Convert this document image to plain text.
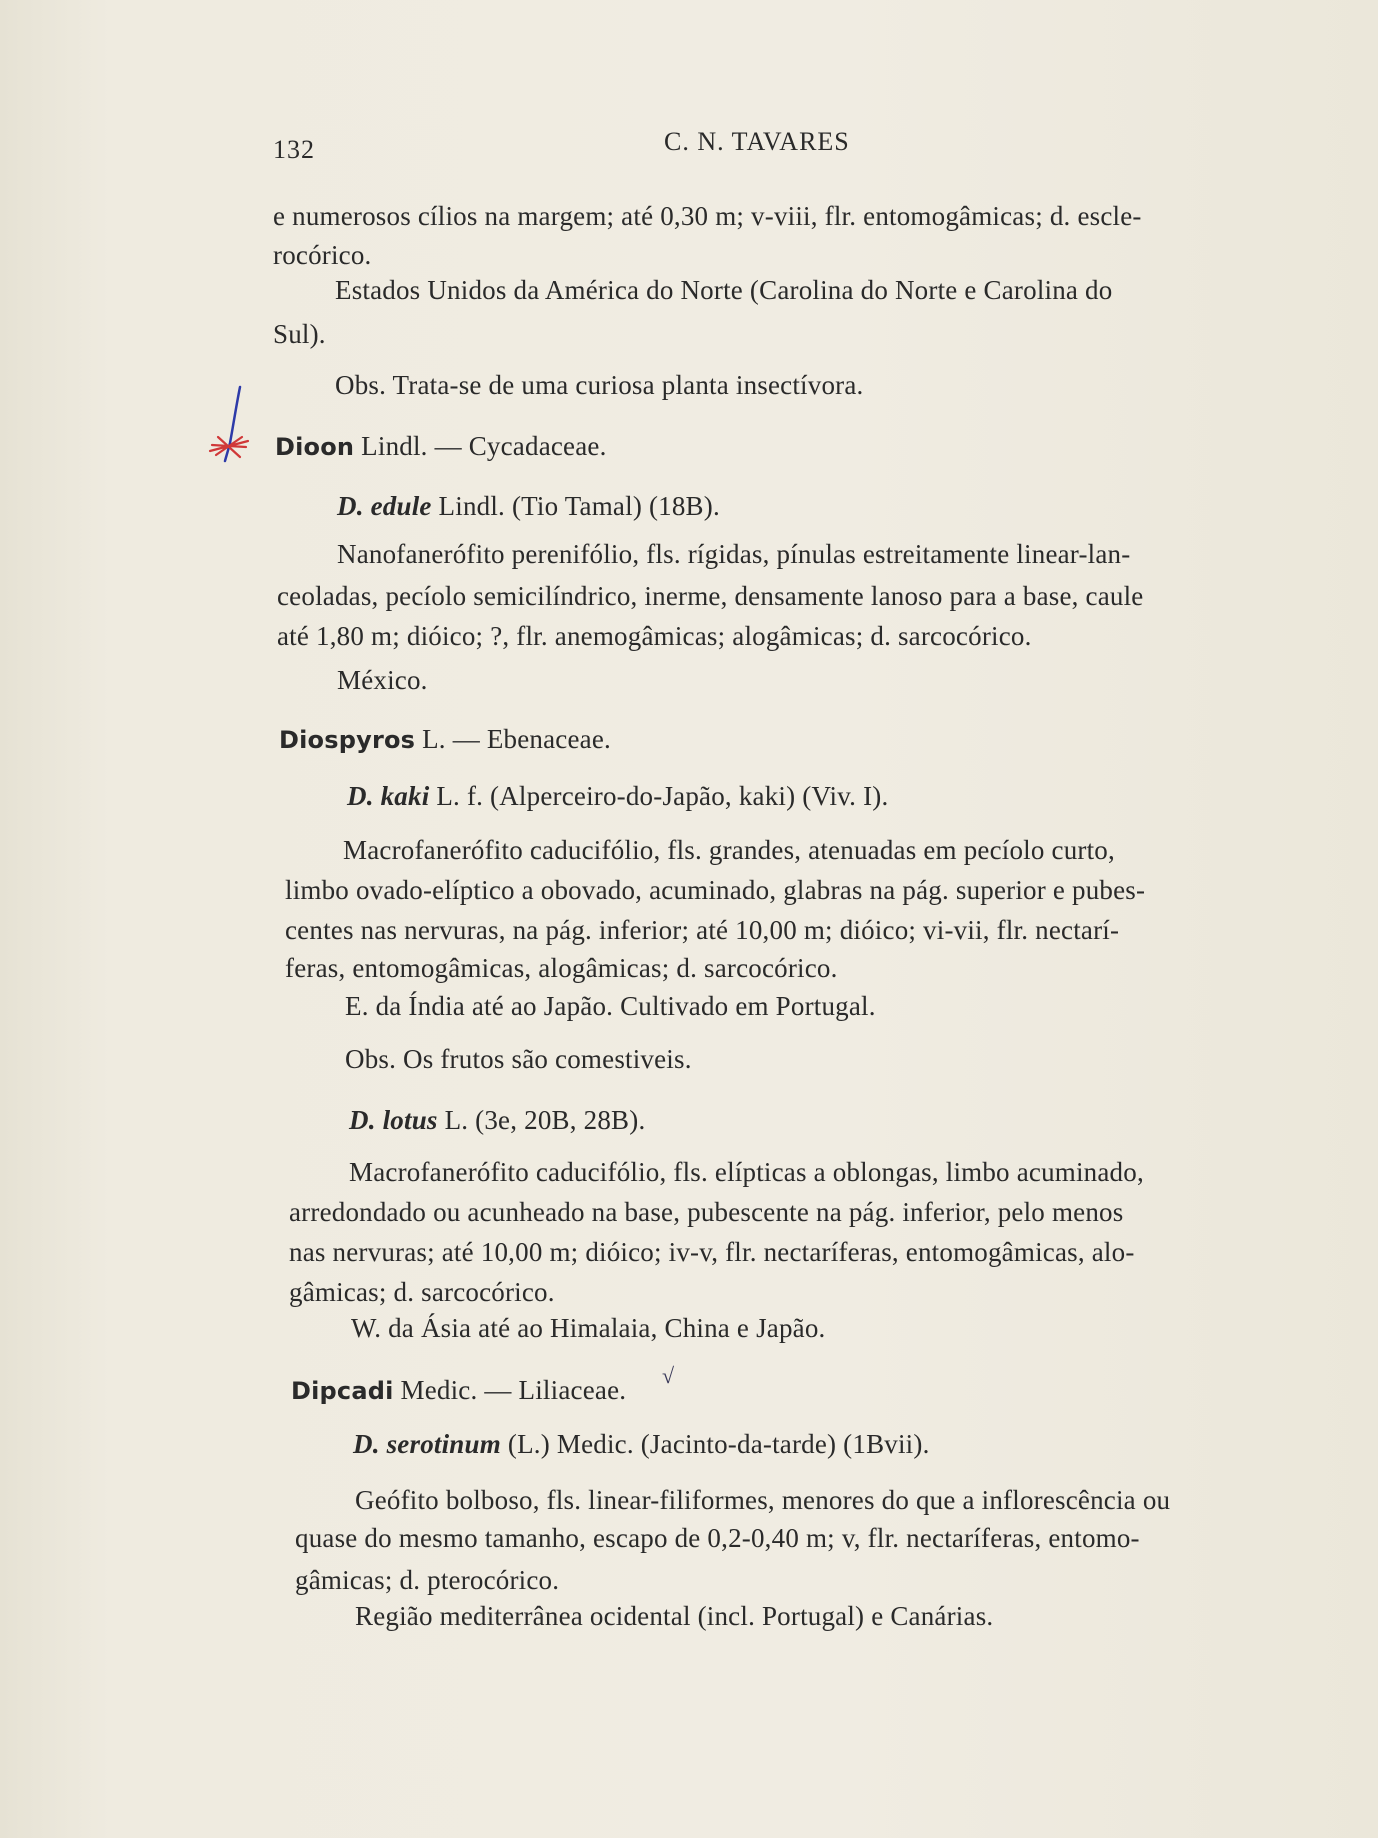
132	C. N. TAVARES
e numerosos cílios na margem; até 0,30 m; v-viii, flr. entomogâmicas; d. escle-
rocórico.
Estados Unidos da América do Norte (Carolina do Norte e Carolina do
Sul).
Obs. Trata-se de uma curiosa planta insectívora.
Dioon Lindl. — Cycadaceae.
D. edule Lindl. (Tio Tamal) (18B).
Nanofanerófito perenifólio, fls. rígidas, pínulas estreitamente linear-lan-
ceoladas, pecíolo semicilíndrico, inerme, densamente lanoso para a base, caule
até 1,80 m; dióico; ?, flr. anemogâmicas; alogâmicas; d. sarcocórico.
México.
Diospyros L. — Ebenaceae.
D. kaki L. f. (Alperceiro-do-Japão, kaki) (Viv. I).
Macrofanerófito caducifólio, fls. grandes, atenuadas em pecíolo curto,
limbo ovado-elíptico a obovado, acuminado, glabras na pág. superior e pubes-
centes nas nervuras, na pág. inferior; até 10,00 m; dióico; vi-vii, flr. nectarí-
feras, entomogâmicas, alogâmicas; d. sarcocórico.
E. da Índia até ao Japão. Cultivado em Portugal.
Obs. Os frutos são comestiveis.
D. lotus L. (3e, 20B, 28B).
Macrofanerófito caducifólio, fls. elípticas a oblongas, limbo acuminado,
arredondado ou acunheado na base, pubescente na pág. inferior, pelo menos
nas nervuras; até 10,00 m; dióico; iv-v, flr. nectaríferas, entomogâmicas, alo-
gâmicas; d. sarcocórico.
W. da Ásia até ao Himalaia, China e Japão.
Dipcadi Medic. — Liliaceae. √
D. serotinum (L.) Medic. (Jacinto-da-tarde) (1Bvii).
Geófito bolboso, fls. linear-filiformes, menores do que a inflorescência ou
quase do mesmo tamanho, escapo de 0,2-0,40 m; v, flr. nectaríferas, entomo-
gâmicas; d. pterocórico.
Região mediterrânea ocidental (incl. Portugal) e Canárias.
